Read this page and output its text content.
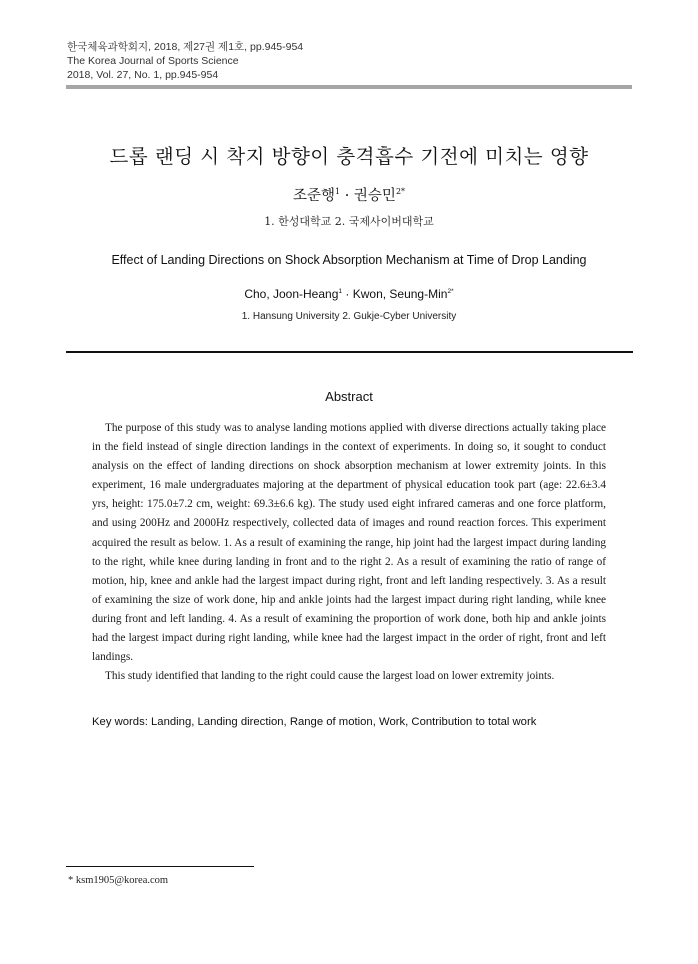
한국체육과학회지, 2018, 제27권 제1호, pp.945-954
The Korea Journal of Sports Science
2018, Vol. 27, No. 1, pp.945-954
드롭 랜딩 시 착지 방향이 충격흡수 기전에 미치는 영향
조준행$^1$ · 권승민$^{2*}$
1. 한성대학교 2. 국제사이버대학교
Effect of Landing Directions on Shock Absorption Mechanism at Time of Drop Landing
Cho, Joon-Heang$^1$ · Kwon, Seung-Min$^{2*}$
1. Hansung University 2. Gukje-Cyber University
Abstract

The purpose of this study was to analyse landing motions applied with diverse directions actually taking place in the field instead of single direction landings in the context of experiments. In doing so, it sought to conduct analysis on the effect of landing directions on shock absorption mechanism at lower extremity joints. In this experiment, 16 male undergraduates majoring at the department of physical education took part (age: 22.6±3.4 yrs, height: 175.0±7.2 cm, weight: 69.3±6.6 kg). The study used eight infrared cameras and one force platform, and using 200Hz and 2000Hz respectively, collected data of images and round reaction forces. This experiment acquired the result as below. 1. As a result of examining the range, hip joint had the largest impact during landing to the right, while knee during landing in front and to the right 2. As a result of examining the ratio of range of motion, hip, knee and ankle had the largest impact during right, front and left landing respectively. 3. As a result of examining the size of work done, hip and ankle joints had the largest impact during right landing, while knee during front and left landing. 4. As a result of examining the proportion of work done, both hip and ankle joints had the largest impact during right landing, while knee had the largest impact in the order of right, front and left landings.

This study identified that landing to the right could cause the largest load on lower extremity joints.

Key words: Landing, Landing direction, Range of motion, Work, Contribution to total work
* ksm1905@korea.com
